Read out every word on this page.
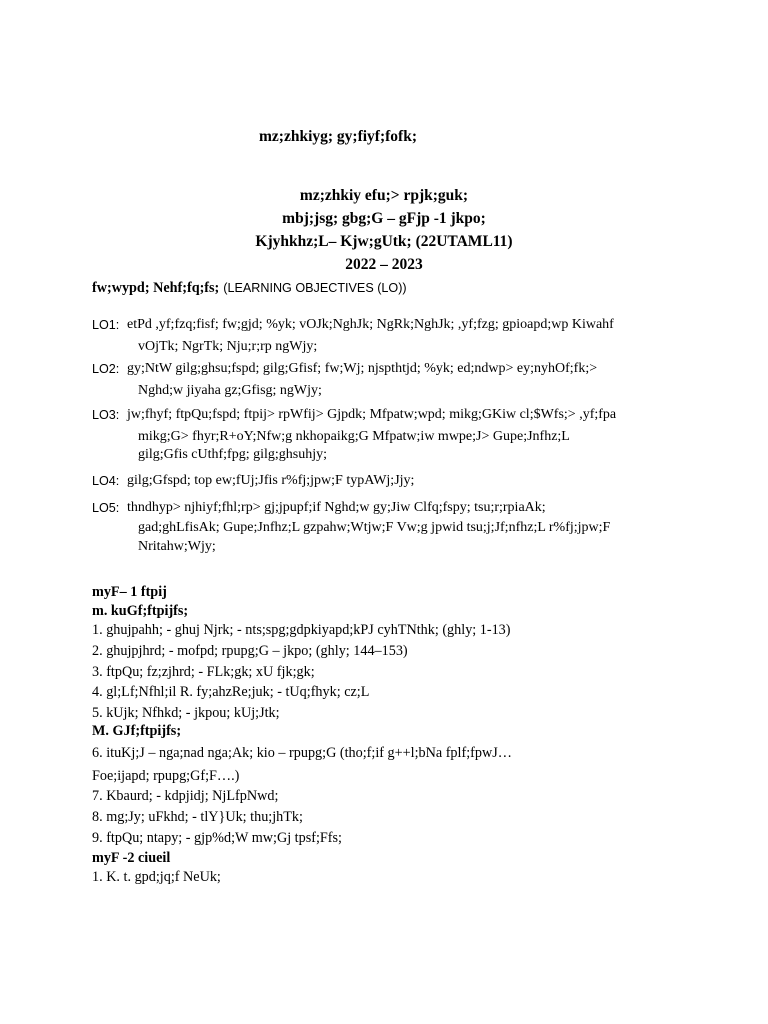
mz;zhkiyg; gy;fiyf;fofk;
mz;zhkiy efu;> rpjk;guk;
mbj;jsg; gbg;G – gFjp -1 jkpo;
Kjyhkhz;L– Kjw;gUtk; (22UTAML11)
2022 – 2023
fw;wypd; Nehf;fq;fs; (LEARNING OBJECTIVES (LO))
LO1: etPd ,yf;fzq;fisf; fw;gjd; %yk; vOJk;NghJk; NgRk;NghJk; ,yf;fzg; gpioapd;wp Kiwahf
vOjTk; NgrTk; Nju;r;rp ngWjy;
LO2: gy;NtW gilg;ghsu;fspd; gilg;Gfisf; fw;Wj; njspthtjd; %yk; ed;ndwp> ey;nyhOf;fk;>
Nghd;w jiyaha gz;Gfisg; ngWjy;
LO3: jw;fhyf; ftpQu;fspd; ftpij> rpWfij> Gjpdk; Mfpatw;wpd; mikg;GKiw cl;$Wfs;> ,yf;fpa
mikg;G> fhyr;R+oY;Nfw;g nkhopaikg;G Mfpatw;iw mwpe;J> Gupe;Jnfhz;L
gilg;Gfis cUthf;fpg; gilg;ghsuhjy;
LO4: gilg;Gfspd; top ew;fUj;Jfis r%fj;jpw;F typAWj;Jjy;
LO5: thndhyp> njhiyf;fhl;rp> gj;jpupf;if Nghd;w gy;Jiw Clfq;fspy; tsu;r;rpiaAk;
gad;ghLfisAk; Gupe;Jnfhz;L gzpahw;Wtjw;F Vw;g jpwid tsu;j;Jf;nfhz;L r%fj;jpw;F
Nritahw;Wjy;
myF– 1 ftpij
m. kuGf;ftpijfs;
1. ghujpahh; - ghuj Njrk; - nts;spg;gdpkiyapd;kPJ cyhTNthk; (ghly; 1-13)
2. ghujpjhrd; - mofpd; rpupg;G – jkpo; (ghly; 144–153)
3. ftpQu; fz;zjhrd; - FLk;gk; xU fjk;gk;
4. gl;Lf;Nfhl;il R. fy;ahzRe;juk; - tUq;fhyk; cz;L
5. kUjk; Nfhkd; - jkpou; kUj;Jtk;
M. GJf;ftpijfs;
6. ituKj;J – nga;nad nga;Ak; kio – rpupg;G (tho;f;if g++l;bNa fplf;fpwJ…
Foe;ijapd; rpupg;Gf;F….)
7. Kbaurd; - kdpjidj; NjLfpNwd;
8. mg;Jy; uFkhd; - tlY}Uk; thu;jhTk;
9. ftpQu; ntapy; - gjp%d;W mw;Gj tpsf;Ffs;
myF -2 ciueil
1. K. t. gpd;jq;f NeUk;
